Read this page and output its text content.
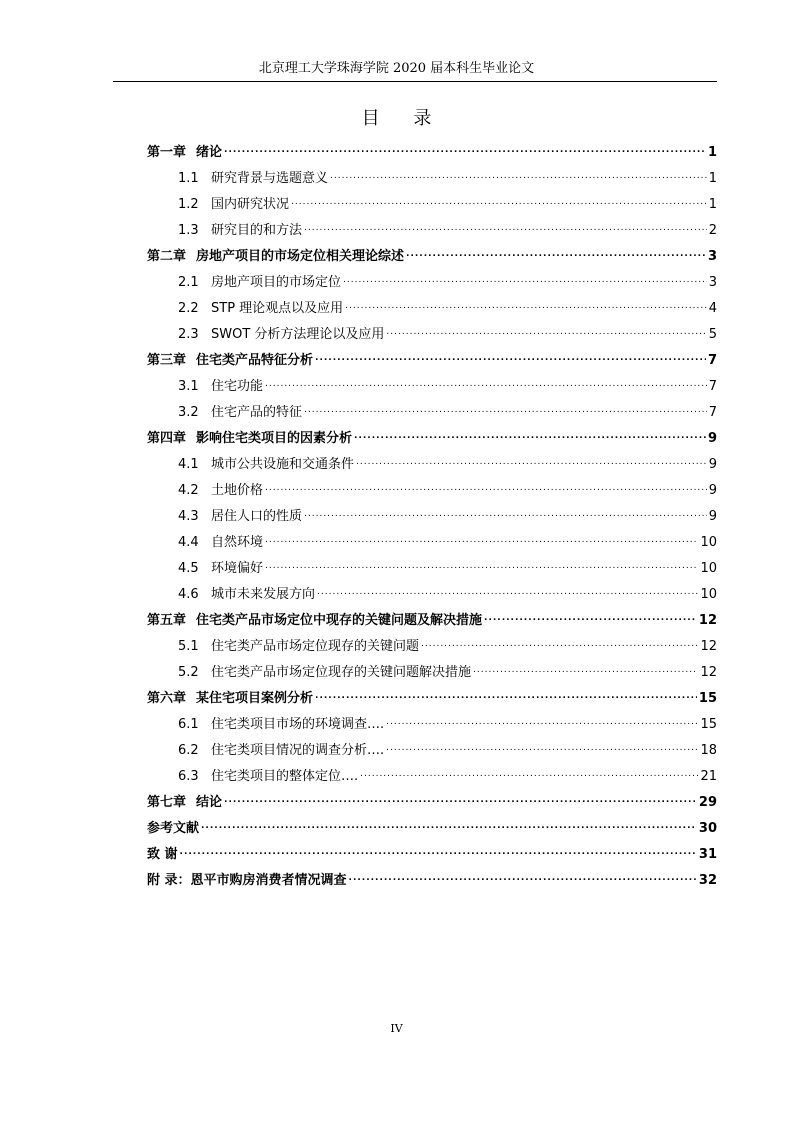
北京理工大学珠海学院 2020 届本科生毕业论文
目 录
第一章 绪论 .....	1
1.1 研究背景与选题意义 .....	1
1.2 国内研究状况 .....	1
1.3 研究目的和方法 .....	2
第二章 房地产项目的市场定位相关理论综述 .....	3
2.1 房地产项目的市场定位 .....	3
2.2 STP 理论观点以及应用 .....	4
2.3 SWOT 分析方法理论以及应用 .....	5
第三章 住宅类产品特征分析 .....	7
3.1 住宅功能 .....	7
3.2 住宅产品的特征 .....	7
第四章 影响住宅类项目的因素分析 .....	9
4.1 城市公共设施和交通条件 .....	9
4.2 土地价格 .....	9
4.3 居住人口的性质 .....	9
4.4 自然环境 .....	10
4.5 环境偏好 .....	10
4.6 城市未来发展方向 .....	10
第五章 住宅类产品市场定位中现存的关键问题及解决措施 .....	12
5.1 住宅类产品市场定位现存的关键问题 .....	12
5.2 住宅类产品市场定位现存的关键问题解决措施 .....	12
第六章 某住宅项目案例分析 .....	15
6.1 住宅类项目市场的环境调查…. .....	15
6.2 住宅类项目情况的调查分析…. .....	18
6.3 住宅类项目的整体定位…. .....	21
第七章 结论 .....	29
参考文献 .....	30
致 谢 .....	31
附 录：恩平市购房消费者情况调查 .....	32
IV
